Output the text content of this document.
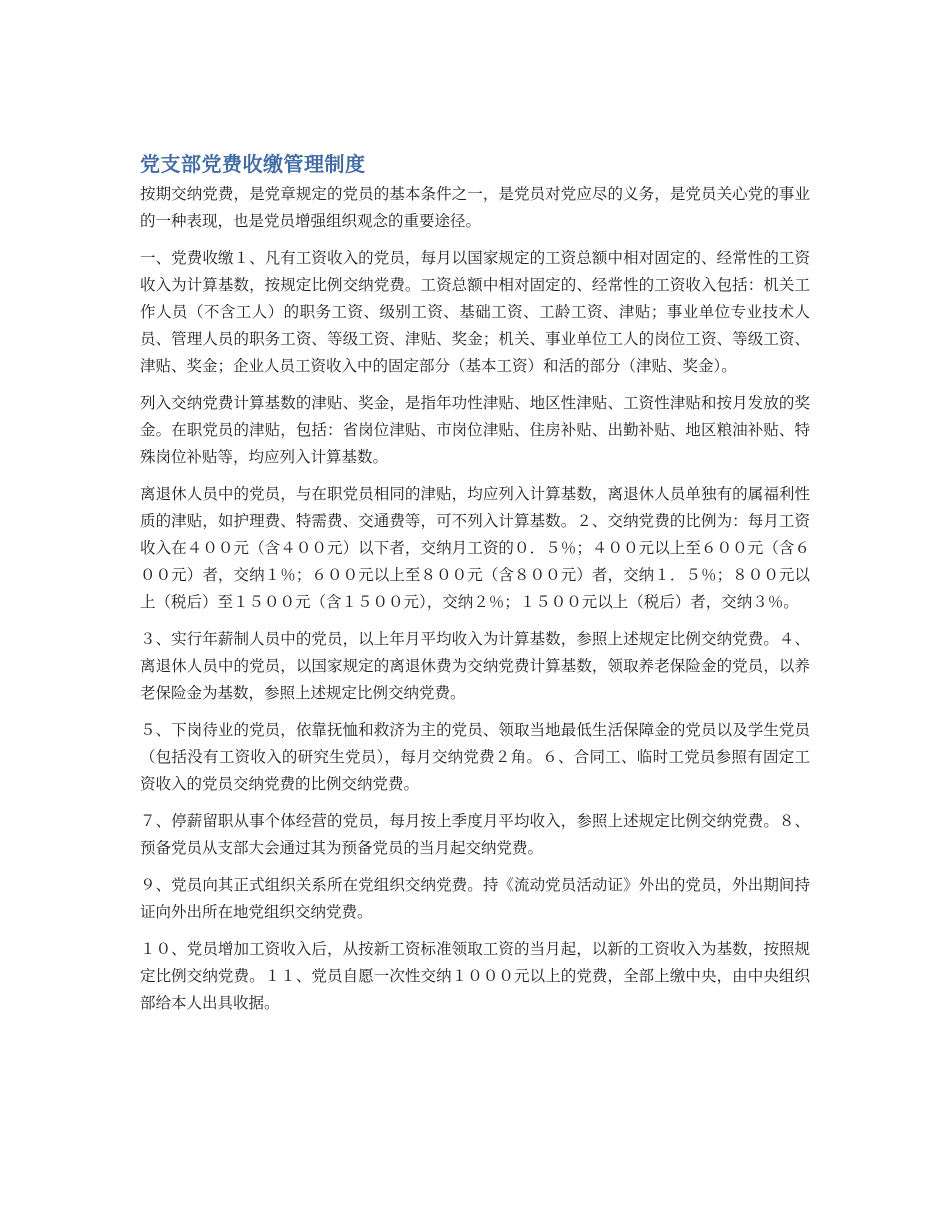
党支部党费收缴管理制度

按期交纳党费，是党章规定的党员的基本条件之一，是党员对党应尽的义务，是党员关心党的事业的一种表现，也是党员增强组织观念的重要途径。

一、党费收缴１、凡有工资收入的党员，每月以国家规定的工资总额中相对固定的、经常性的工资收入为计算基数，按规定比例交纳党费。工资总额中相对固定的、经常性的工资收入包括：机关工作人员（不含工人）的职务工资、级别工资、基础工资、工龄工资、津贴；事业单位专业技术人员、管理人员的职务工资、等级工资、津贴、奖金；机关、事业单位工人的岗位工资、等级工资、津贴、奖金；企业人员工资收入中的固定部分（基本工资）和活的部分（津贴、奖金）。

列入交纳党费计算基数的津贴、奖金，是指年功性津贴、地区性津贴、工资性津贴和按月发放的奖金。在职党员的津贴，包括：省岗位津贴、市岗位津贴、住房补贴、出勤补贴、地区粮油补贴、特殊岗位补贴等，均应列入计算基数。

离退休人员中的党员，与在职党员相同的津贴，均应列入计算基数，离退休人员单独有的属福利性质的津贴，如护理费、特需费、交通费等，可不列入计算基数。２、交纳党费的比例为：每月工资收入在４００元（含４００元）以下者，交纳月工资的０．５％；４００元以上至６００元（含６００元）者，交纳１％；６００元以上至８００元（含８００元）者，交纳１．５％；８００元以上（税后）至１５００元（含１５００元），交纳２％；１５００元以上（税后）者，交纳３％。

３、实行年薪制人员中的党员，以上年月平均收入为计算基数，参照上述规定比例交纳党费。４、离退休人员中的党员，以国家规定的离退休费为交纳党费计算基数，领取养老保险金的党员，以养老保险金为基数，参照上述规定比例交纳党费。

５、下岗待业的党员，依靠抚恤和救济为主的党员、领取当地最低生活保障金的党员以及学生党员（包括没有工资收入的研究生党员），每月交纳党费２角。６、合同工、临时工党员参照有固定工资收入的党员交纳党费的比例交纳党费。

７、停薪留职从事个体经营的党员，每月按上季度月平均收入，参照上述规定比例交纳党费。８、预备党员从支部大会通过其为预备党员的当月起交纳党费。

９、党员向其正式组织关系所在党组织交纳党费。持《流动党员活动证》外出的党员，外出期间持证向外出所在地党组织交纳党费。

１０、党员增加工资收入后，从按新工资标准领取工资的当月起，以新的工资收入为基数，按照规定比例交纳党费。１１、党员自愿一次性交纳１０００元以上的党费，全部上缴中央，由中央组织部给本人出具收据。
